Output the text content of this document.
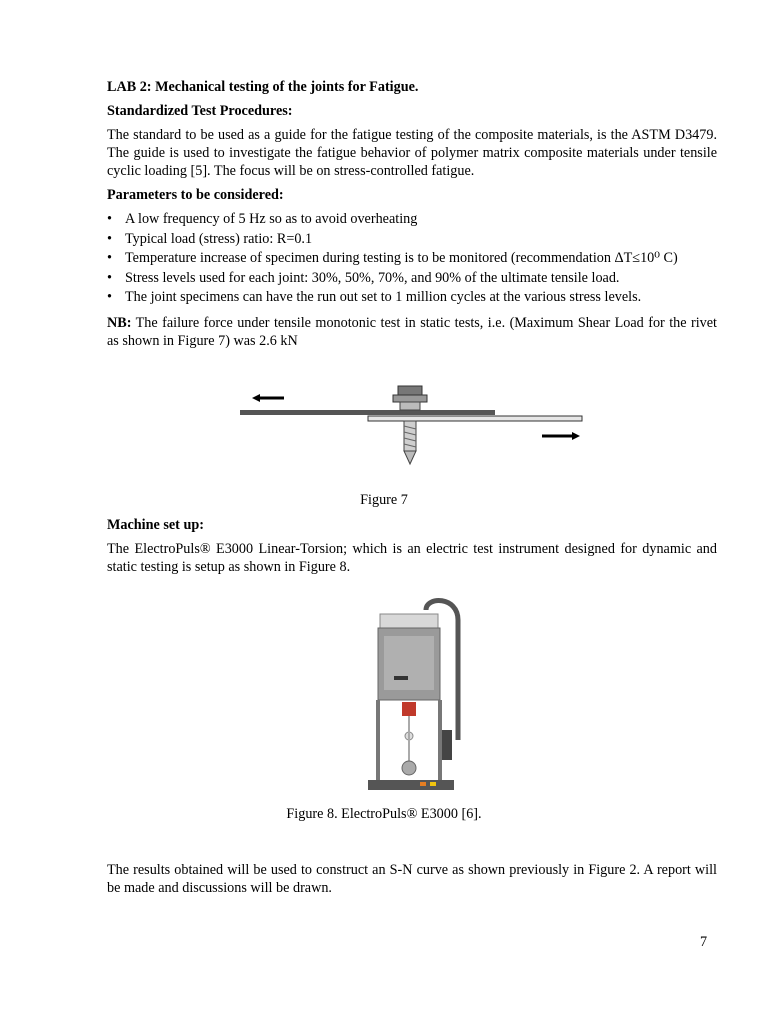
LAB 2: Mechanical testing of the joints for Fatigue.

Standardized Test Procedures:

The standard to be used as a guide for the fatigue testing of the composite materials, is the ASTM D3479. The guide is used to investigate the fatigue behavior of polymer matrix composite materials under tensile cyclic loading [5]. The focus will be on stress-controlled fatigue.

Parameters to be considered:

• A low frequency of 5 Hz so as to avoid overheating
• Typical load (stress) ratio: R=0.1
• Temperature increase of specimen during testing is to be monitored (recommendation ΔT≤10⁰ C)
• Stress levels used for each joint: 30%, 50%, 70%, and 90% of the ultimate tensile load.
• The joint specimens can have the run out set to 1 million cycles at the various stress levels.

NB: The failure force under tensile monotonic test in static tests, i.e. (Maximum Shear Load for the rivet as shown in Figure 7) was 2.6 kN

Figure 7

Machine set up:

The ElectroPuls® E3000 Linear-Torsion; which is an electric test instrument designed for dynamic and static testing is setup as shown in Figure 8.

Figure 8. ElectroPuls® E3000 [6].

The results obtained will be used to construct an S-N curve as shown previously in Figure 2. A report will be made and discussions will be drawn.

7
